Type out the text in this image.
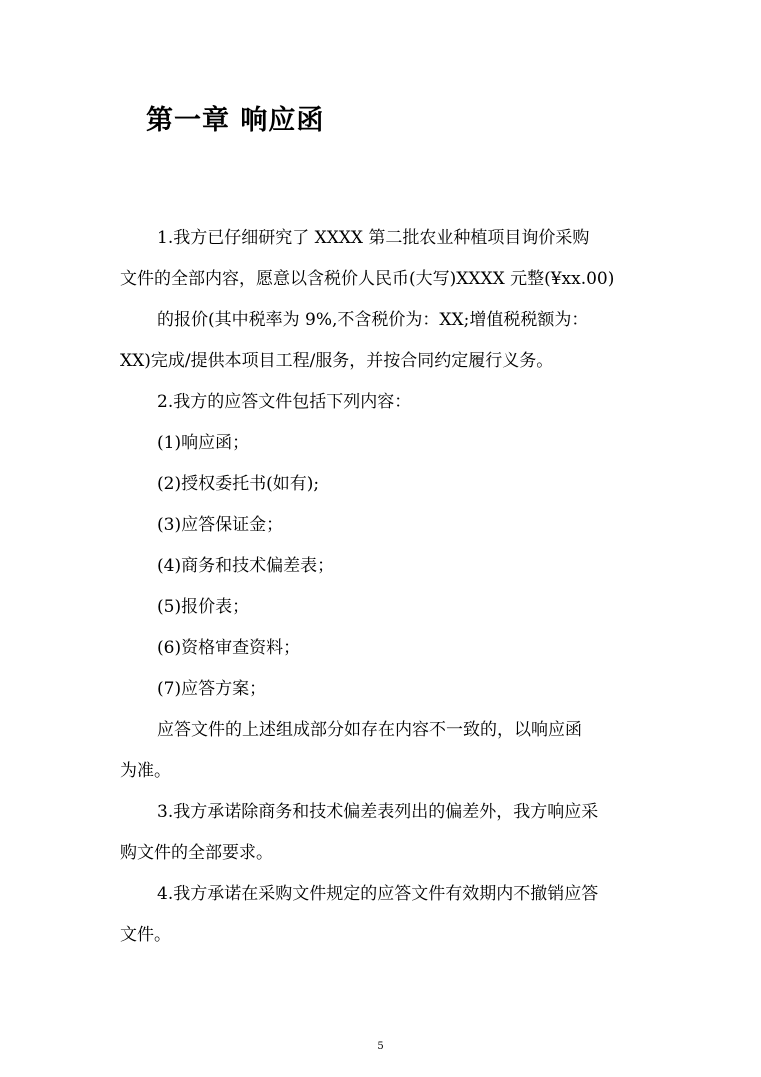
第一章 响应函
1.我方已仔细研究了 XXXX 第二批农业种植项目询价采购
文件的全部内容，愿意以含税价人民币(大写)XXXX 元整(¥xx.00)
的报价(其中税率为 9%,不含税价为：XX;增值税税额为：
XX)完成/提供本项目工程/服务，并按合同约定履行义务。
2.我方的应答文件包括下列内容：
(1)响应函；
(2)授权委托书(如有);
(3)应答保证金；
(4)商务和技术偏差表；
(5)报价表；
(6)资格审查资料；
(7)应答方案；
应答文件的上述组成部分如存在内容不一致的，以响应函
为准。
3.我方承诺除商务和技术偏差表列出的偏差外，我方响应采
购文件的全部要求。
4.我方承诺在采购文件规定的应答文件有效期内不撤销应答
文件。
5
